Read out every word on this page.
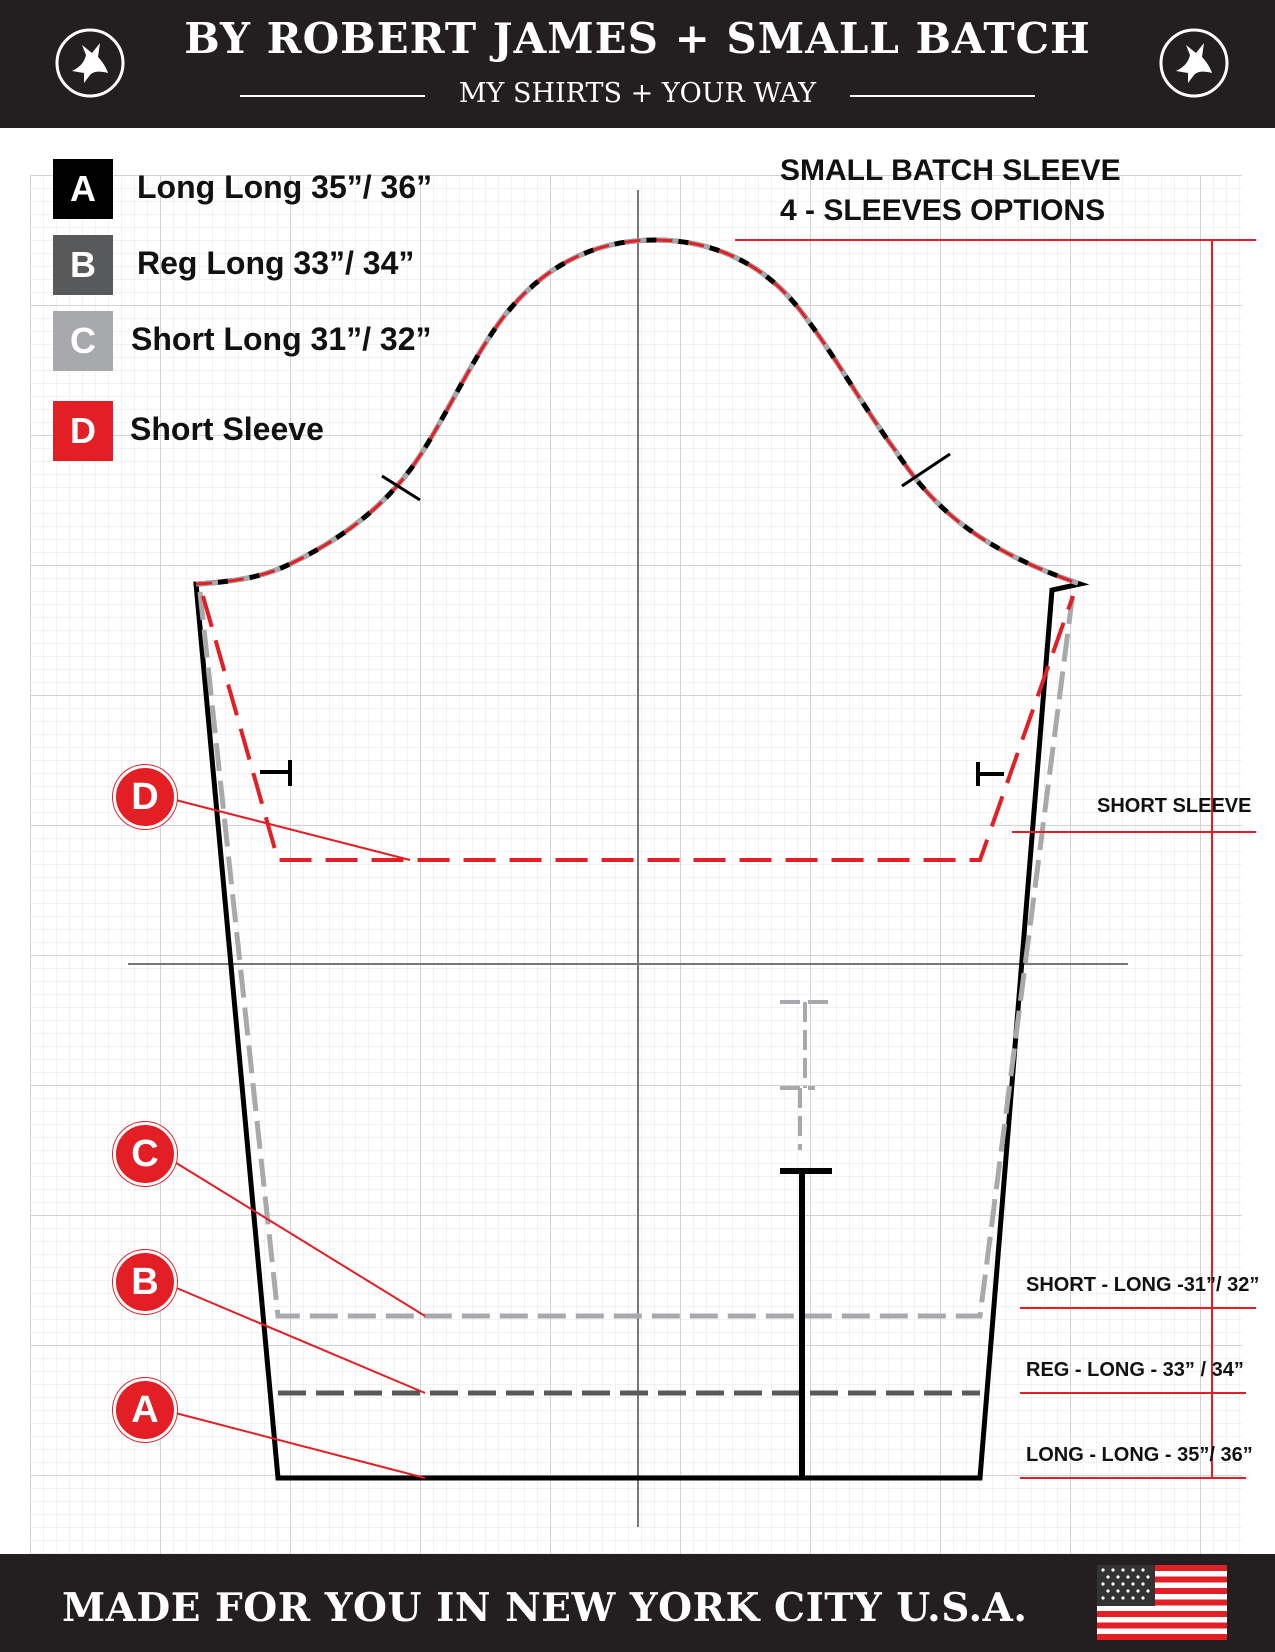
BY ROBERT JAMES + SMALL BATCH
MY SHIRTS + YOUR WAY
A	Long Long 35”/ 36”
B	Reg Long 33”/ 34”
C	Short Long 31”/ 32”
D	Short Sleeve
SMALL BATCH SLEEVE
4 - SLEEVES OPTIONS
SHORT SLEEVE
SHORT - LONG -31”/ 32”
REG - LONG - 33” / 34”
LONG - LONG - 35”/ 36”
D
C
B
A
MADE FOR YOU IN NEW YORK CITY U.S.A.
